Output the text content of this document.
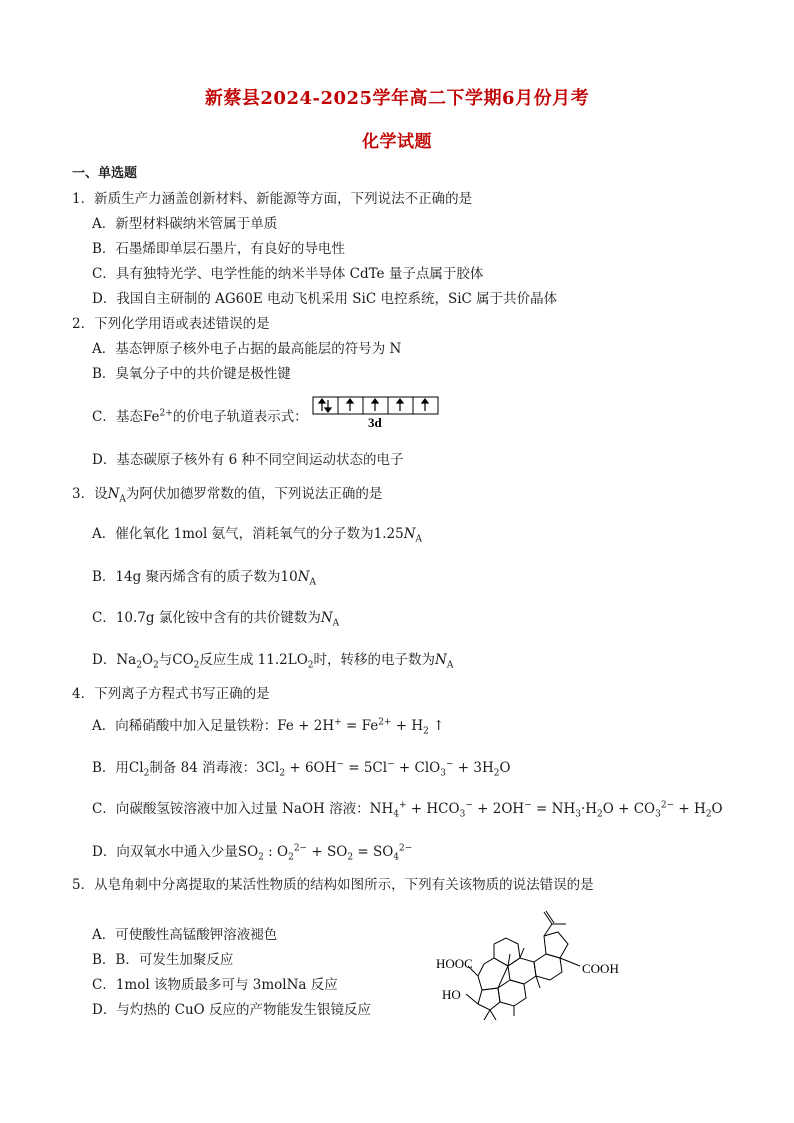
新蔡县2024-2025学年高二下学期6月份月考
化学试题
一、单选题
1．新质生产力涵盖创新材料、新能源等方面，下列说法不正确的是
A．新型材料碳纳米管属于单质
B．石墨烯即单层石墨片，有良好的导电性
C．具有独特光学、电学性能的纳米半导体 CdTe 量子点属于胶体
D．我国自主研制的 AG60E 电动飞机采用 SiC 电控系统，SiC 属于共价晶体
2．下列化学用语或表述错误的是
A．基态钾原子核外电子占据的最高能层的符号为 N
B．臭氧分子中的共价键是极性键
C．基态$Fe^{2+}$的价电子轨道表示式：	3d
D．基态碳原子核外有 6 种不同空间运动状态的电子
3．设$N_A$为阿伏加德罗常数的值，下列说法正确的是
A．催化氧化 1mol 氨气，消耗氧气的分子数为$1.25N_A$
B．14g 聚丙烯含有的质子数为$10N_A$
C．10.7g 氯化铵中含有的共价键数为$N_A$
D．$Na_2O_2$与$CO_2$反应生成 $11.2LO_2$时，转移的电子数为$N_A$
4．下列离子方程式书写正确的是
A．向稀硝酸中加入足量铁粉：$Fe + 2H^+ = Fe^{2+} + H_2$ ↑
B．用$Cl_2$制备 84 消毒液：$3Cl_2 + 6OH^- = 5Cl^- + ClO_3^- + 3H_2O$
C．向碳酸氢铵溶液中加入过量 NaOH 溶液：$NH_4^+ + HCO_3^- + 2OH^- = NH_3\cdot H_2O + CO_3^{2-} + H_2O$
D．向双氧水中通入少量$SO_2$ : $O_2^{2-} + SO_2 = SO_4^{2-}$
5．从皂角刺中分离提取的某活性物质的结构如图所示，下列有关该物质的说法错误的是
A．可使酸性高锰酸钾溶液褪色
B．B．可发生加聚反应
C．1mol 该物质最多可与 3molNa 反应
D．与灼热的 CuO 反应的产物能发生银镜反应
HOOC
HO
COOH
